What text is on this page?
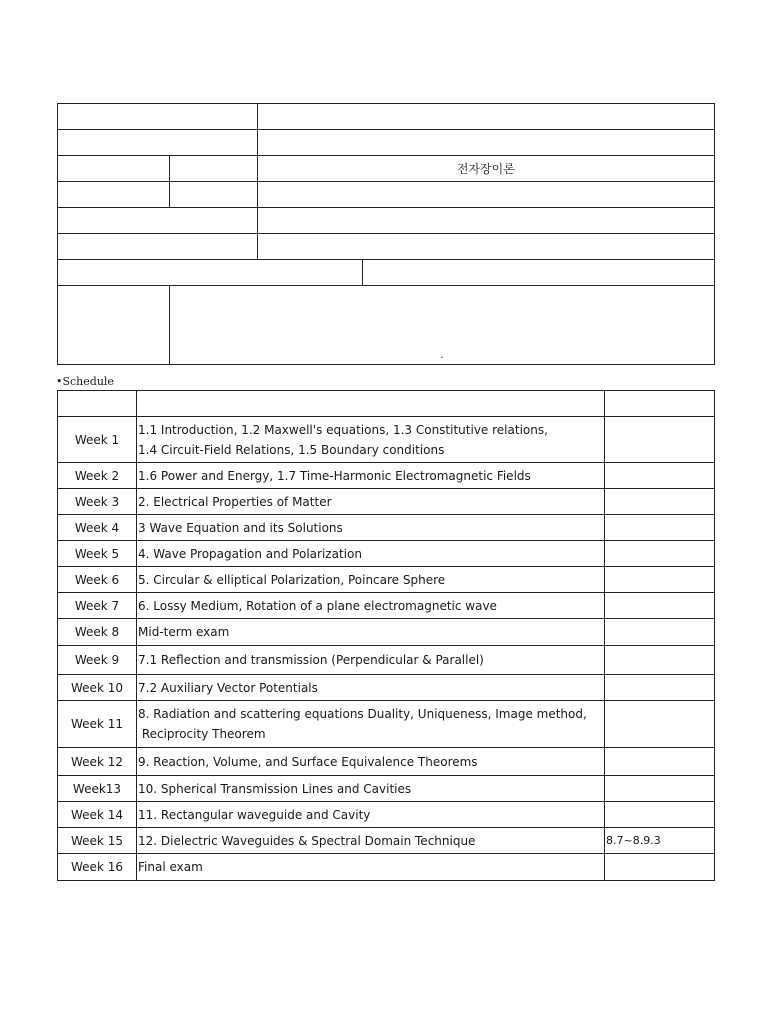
		전자장이론	

	.		
•Schedule

Week 1	1.1 Introduction, 1.2 Maxwell's equations, 1.3 Constitutive relations,
1.4 Circuit-Field Relations, 1.5 Boundary conditions	

Week 2	1.6 Power and Energy, 1.7 Time-Harmonic Electromagnetic Fields	
Week 3	2. Electrical Properties of Matter	
Week 4	3 Wave Equation and its Solutions	
Week 5	4. Wave Propagation and Polarization	
Week 6	5. Circular & elliptical Polarization, Poincare Sphere	
Week 7	6. Lossy Medium, Rotation of a plane electromagnetic wave	
Week 8	Mid-term exam	
Week 9	7.1 Reflection and transmission (Perpendicular & Parallel)	
Week 10	7.2 Auxiliary Vector Potentials	
Week 11	8. Radiation and scattering equations Duality, Uniqueness, Image method,
Reciprocity Theorem	

Week 12	9. Reaction, Volume, and Surface Equivalence Theorems	
Week13	10. Spherical Transmission Lines and Cavities	
Week 14	11. Rectangular waveguide and Cavity	
Week 15	12. Dielectric Waveguides & Spectral Domain Technique	8.7~8.9.3
Week 16	Final exam	
